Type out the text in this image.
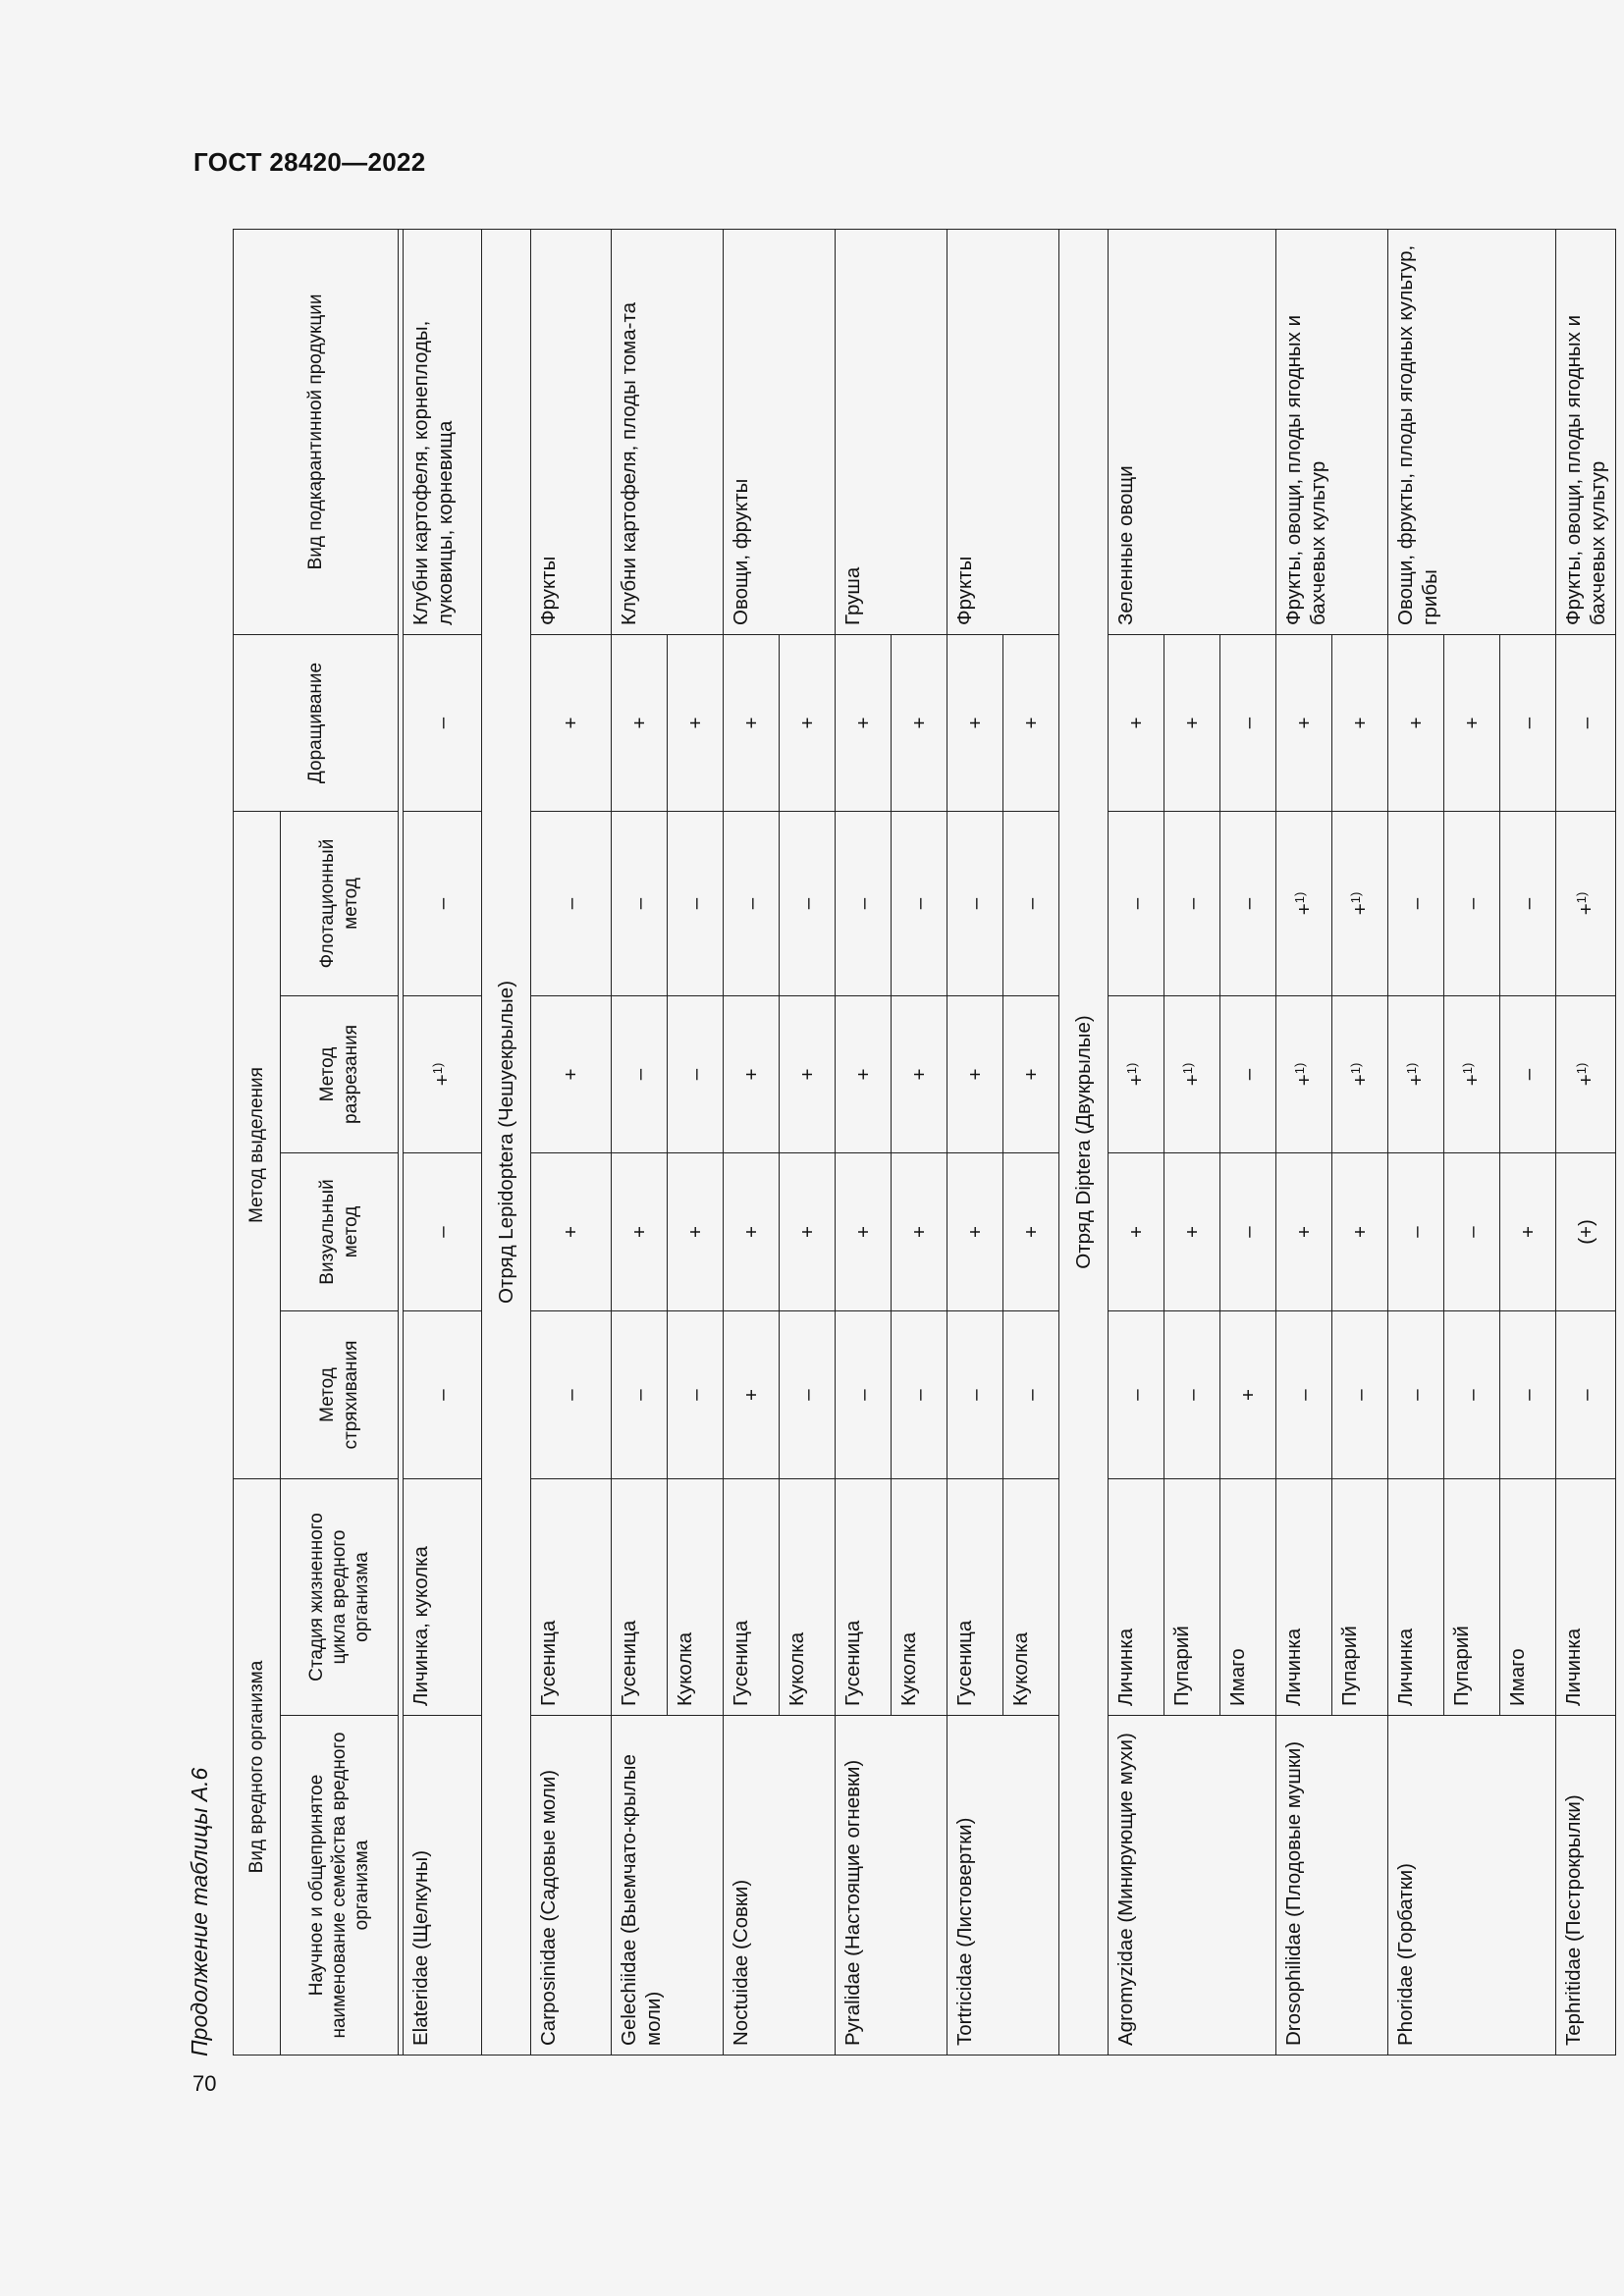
ГОСТ 28420—2022
70
Продолжение таблицы А.6
Вид вредного организма		Метод выделения				Доращивание	Вид подкарантинной продукции
Научное и общепринятое наименование семейства вредного организма	Стадия жизненного цикла вредного организма	Метод стряхивания	Визуальный метод	Метод разрезания	Флотационный метод		

Elateridae (Щелкуны)	Личинка, куколка	–	–	+$^{1)}$	–	–	Клубни картофеля, корнеплоды, луковицы, корневища
Отряд Lepidoptera (Чешуекрылые)							
Carposinidae (Садовые моли)	Гусеница	–	+	+	–	+	Фрукты
Gelechiidae (Выемчато-крылые моли)	Гусеница	–	+	–	–	+	Клубни картофеля, плоды тома-та
	Куколка	–	+	–	–	+	
Noctuidae (Совки)	Гусеница	+	+	+	–	+	Овощи, фрукты
	Куколка	–	+	+	–	+	
Pyralidae (Настоящие огневки)	Гусеница	–	+	+	–	+	Груша
	Куколка	–	+	+	–	+	
Tortricidae (Листовертки)	Гусеница	–	+	+	–	+	Фрукты
	Куколка	–	+	+	–	+	
Отряд Diptera (Двукрылые)							
Agromyzidae (Минирующие мухи)	Личинка	–	+	+$^{1)}$	–	+	Зеленные овощи
	Пупарий	–	+	+$^{1)}$	–	+	
	Имаго	+	–	–	–	–	
Drosophilidae (Плодовые мушки)	Личинка	–	+	+$^{1)}$	+$^{1)}$	+	Фрукты, овощи, плоды ягодных и бахчевых культур
	Пупарий	–	+	+$^{1)}$	+$^{1)}$	+	
Phoridae (Горбатки)	Личинка	–	–	+$^{1)}$	–	+	Овощи, фрукты, плоды ягодных культур, грибы
	Пупарий	–	–	+$^{1)}$	–	+	
	Имаго	–	+	–	–	–	
Tephritidae (Пестрокрылки)	Личинка	–	(+)	+$^{1)}$	+$^{1)}$	–	Фрукты, овощи, плоды ягодных и бахчевых культур
